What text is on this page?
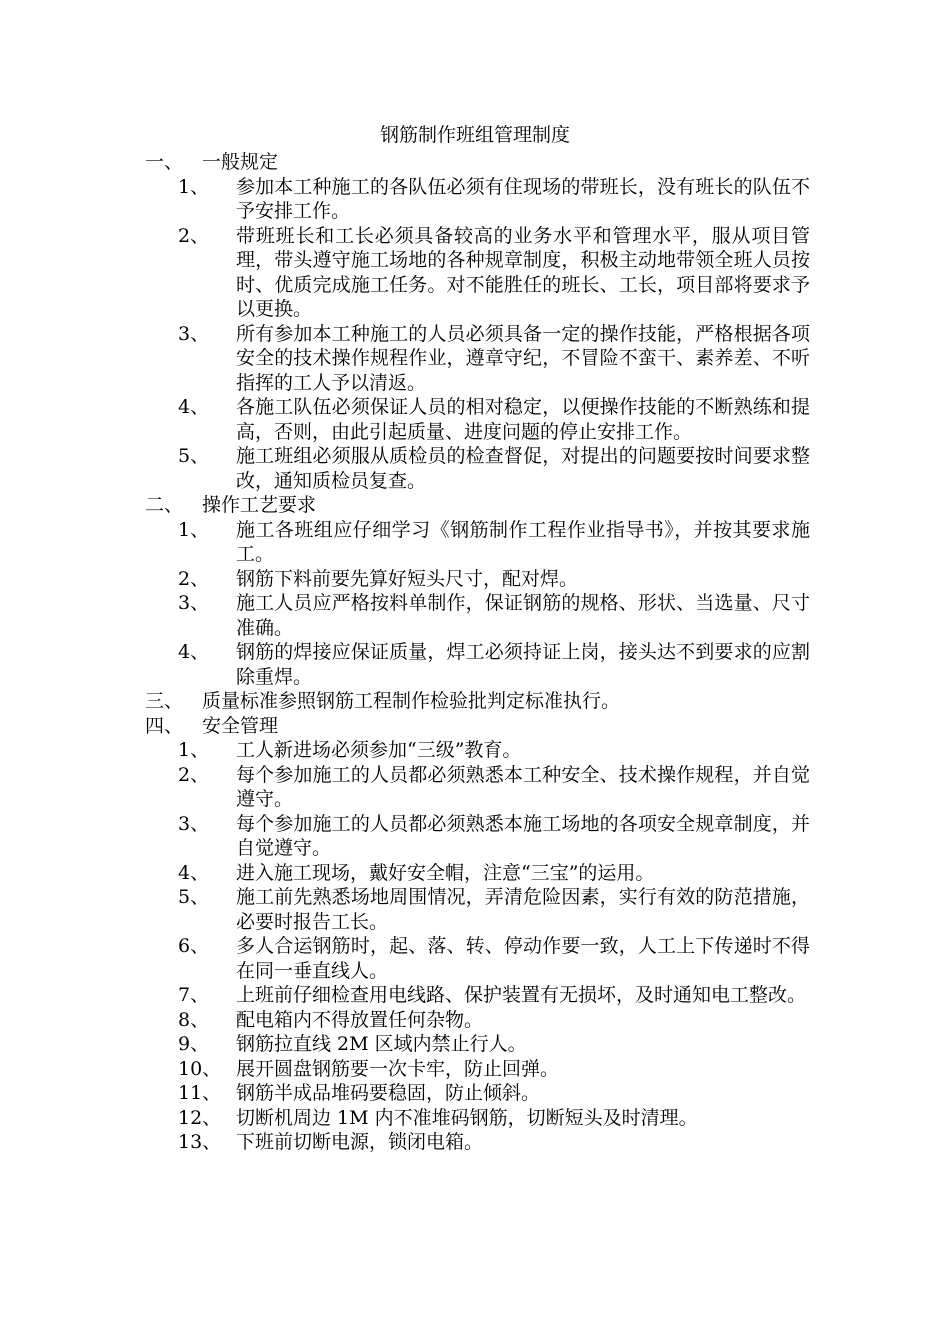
钢筋制作班组管理制度
一、 一般规定
1、 参加本工种施工的各队伍必须有住现场的带班长，没有班长的队伍不予安排工作。
2、 带班班长和工长必须具备较高的业务水平和管理水平，服从项目管理，带头遵守施工场地的各种规章制度，积极主动地带领全班人员按时、优质完成施工任务。对不能胜任的班长、工长，项目部将要求予以更换。
3、 所有参加本工种施工的人员必须具备一定的操作技能，严格根据各项安全的技术操作规程作业，遵章守纪，不冒险不蛮干、素养差、不听指挥的工人予以清返。
4、 各施工队伍必须保证人员的相对稳定，以便操作技能的不断熟练和提高，否则，由此引起质量、进度问题的停止安排工作。
5、 施工班组必须服从质检员的检查督促，对提出的问题要按时间要求整改，通知质检员复查。
二、 操作工艺要求
1、 施工各班组应仔细学习《钢筋制作工程作业指导书》，并按其要求施工。
2、 钢筋下料前要先算好短头尺寸，配对焊。
3、 施工人员应严格按料单制作，保证钢筋的规格、形状、当选量、尺寸准确。
4、 钢筋的焊接应保证质量，焊工必须持证上岗，接头达不到要求的应割除重焊。
三、 质量标准参照钢筋工程制作检验批判定标准执行。
四、 安全管理
1、 工人新进场必须参加“三级”教育。
2、 每个参加施工的人员都必须熟悉本工种安全、技术操作规程，并自觉遵守。
3、 每个参加施工的人员都必须熟悉本施工场地的各项安全规章制度，并自觉遵守。
4、 进入施工现场，戴好安全帽，注意“三宝”的运用。
5、 施工前先熟悉场地周围情况，弄清危险因素，实行有效的防范措施，必要时报告工长。
6、 多人合运钢筋时，起、落、转、停动作要一致，人工上下传递时不得在同一垂直线人。
7、 上班前仔细检查用电线路、保护装置有无损坏，及时通知电工整改。
8、 配电箱内不得放置任何杂物。
9、 钢筋拉直线 2M 区域内禁止行人。
10、 展开圆盘钢筋要一次卡牢，防止回弹。
11、 钢筋半成品堆码要稳固，防止倾斜。
12、 切断机周边 1M 内不准堆码钢筋，切断短头及时清理。
13、 下班前切断电源，锁闭电箱。
